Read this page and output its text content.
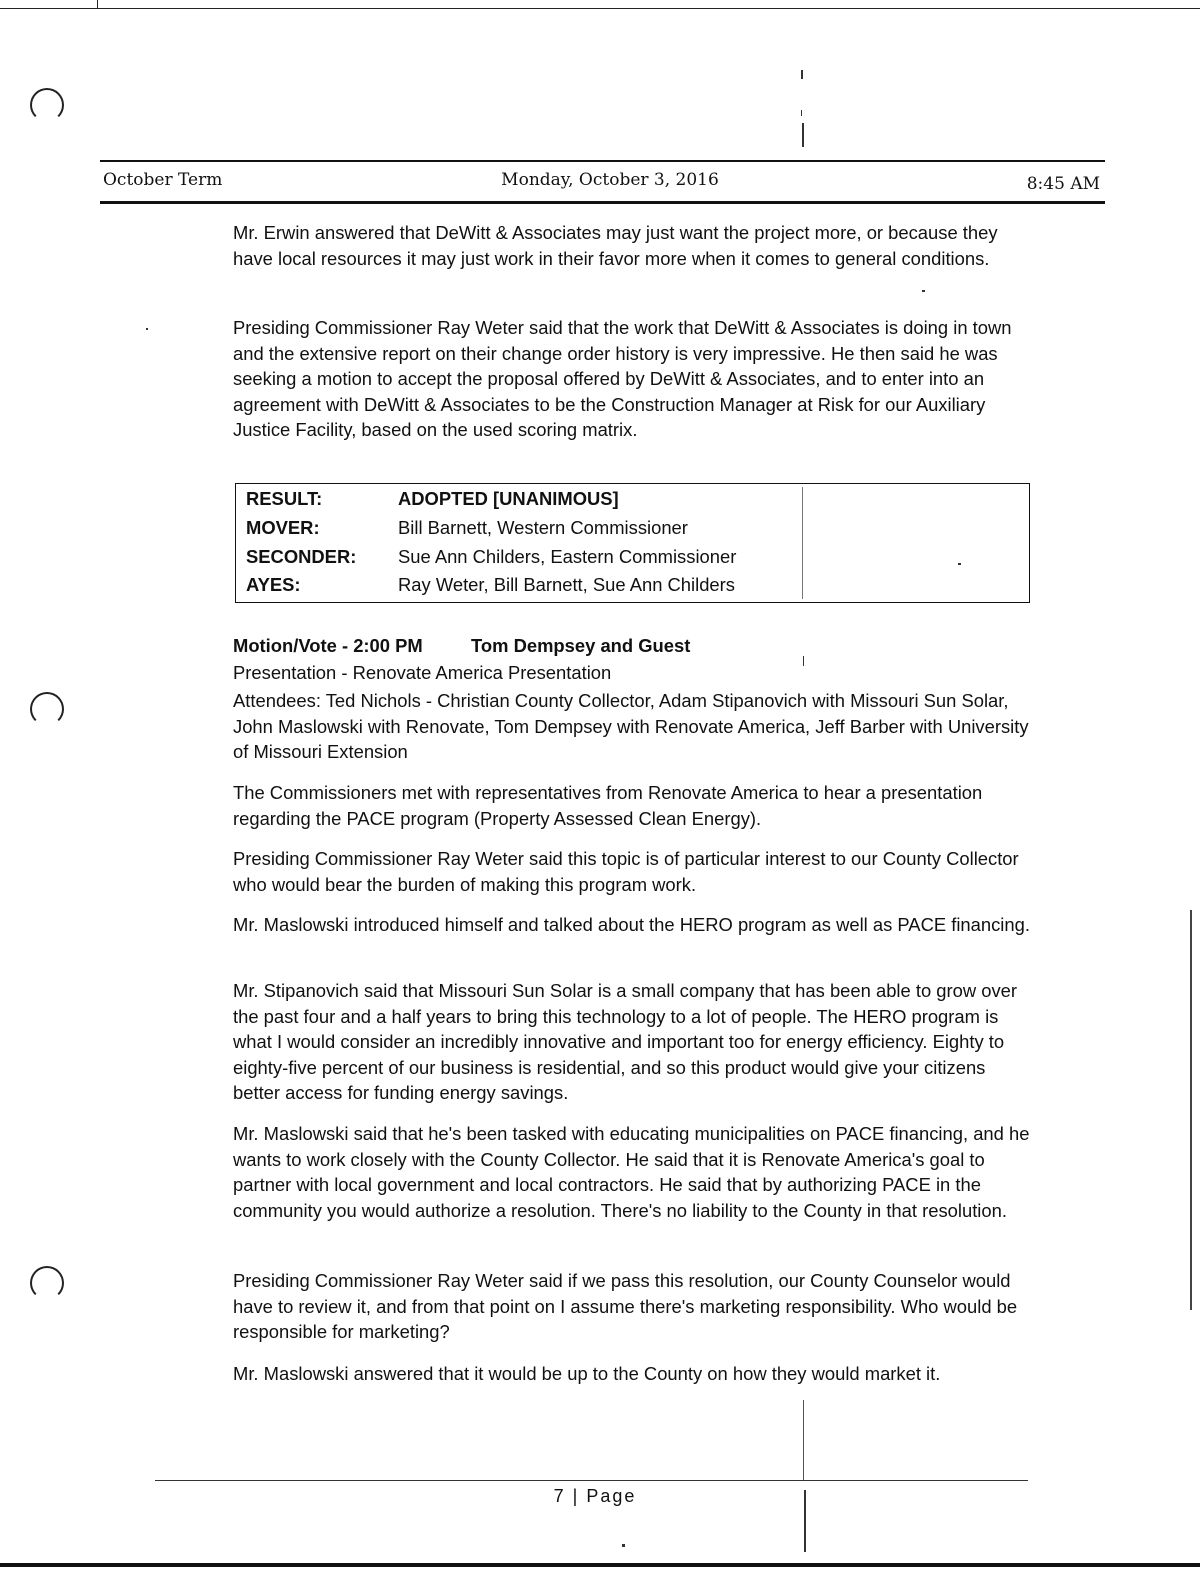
October Term	Monday, October 3, 2016	8:45 AM

Mr. Erwin answered that DeWitt & Associates may just want the project more, or because they have local resources it may just work in their favor more when it comes to general conditions.

Presiding Commissioner Ray Weter said that the work that DeWitt & Associates is doing in town and the extensive report on their change order history is very impressive. He then said he was seeking a motion to accept the proposal offered by DeWitt & Associates, and to enter into an agreement with DeWitt & Associates to be the Construction Manager at Risk for our Auxiliary Justice Facility, based on the used scoring matrix.

RESULT:	ADOPTED [UNANIMOUS]
MOVER:	Bill Barnett, Western Commissioner
SECONDER:	Sue Ann Childers, Eastern Commissioner
AYES:	Ray Weter, Bill Barnett, Sue Ann Childers
Motion/Vote - 2:00 PM	Tom Dempsey and Guest

Presentation - Renovate America Presentation

Attendees: Ted Nichols - Christian County Collector, Adam Stipanovich with Missouri Sun Solar, John Maslowski with Renovate, Tom Dempsey with Renovate America, Jeff Barber with University of Missouri Extension

The Commissioners met with representatives from Renovate America to hear a presentation regarding the PACE program (Property Assessed Clean Energy).

Presiding Commissioner Ray Weter said this topic is of particular interest to our County Collector who would bear the burden of making this program work.

Mr. Maslowski introduced himself and talked about the HERO program as well as PACE financing.

Mr. Stipanovich said that Missouri Sun Solar is a small company that has been able to grow over the past four and a half years to bring this technology to a lot of people. The HERO program is what I would consider an incredibly innovative and important too for energy efficiency. Eighty to eighty-five percent of our business is residential, and so this product would give your citizens better access for funding energy savings.

Mr. Maslowski said that he's been tasked with educating municipalities on PACE financing, and he wants to work closely with the County Collector. He said that it is Renovate America's goal to partner with local government and local contractors. He said that by authorizing PACE in the community you would authorize a resolution. There's no liability to the County in that resolution.

Presiding Commissioner Ray Weter said if we pass this resolution, our County Counselor would have to review it, and from that point on I assume there's marketing responsibility. Who would be responsible for marketing?

Mr. Maslowski answered that it would be up to the County on how they would market it.

7 | Page
